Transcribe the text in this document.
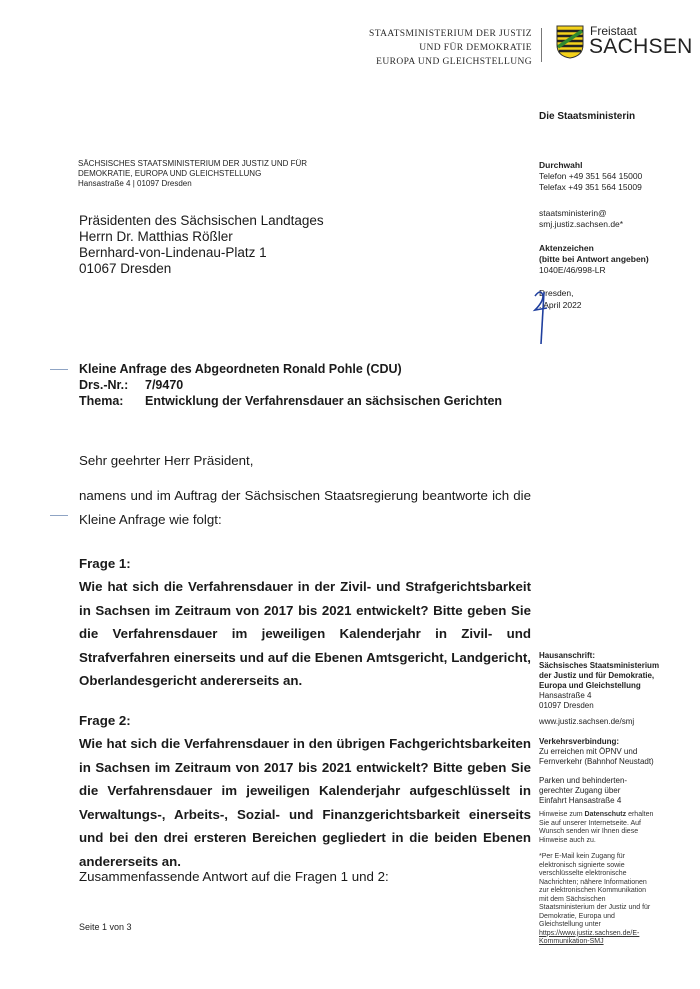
STAATSMINISTERIUM DER JUSTIZ
UND FÜR DEMOKRATIE
EUROPA UND GLEICHSTELLUNG
Freistaat
SACHSEN
Die Staatsministerin
SÄCHSISCHES STAATSMINISTERIUM DER JUSTIZ UND FÜR
DEMOKRATIE, EUROPA UND GLEICHSTELLUNG
Hansastraße 4 | 01097 Dresden
Präsidenten des Sächsischen Landtages
Herrn Dr. Matthias Rößler
Bernhard-von-Lindenau-Platz 1
01067 Dresden
Durchwahl
Telefon +49 351 564 15000
Telefax +49 351 564 15009
staatsministerin@
smj.justiz.sachsen.de*
Aktenzeichen
(bitte bei Antwort angeben)
1040E/46/998-LR
Dresden,
. April 2022
Kleine Anfrage des Abgeordneten Ronald Pohle (CDU)
Drs.-Nr.:	7/9470
Thema:	Entwicklung der Verfahrensdauer an sächsischen Gerichten
Sehr geehrter Herr Präsident,
namens und im Auftrag der Sächsischen Staatsregierung beantworte ich die Kleine Anfrage wie folgt:
Frage 1:
Wie hat sich die Verfahrensdauer in der Zivil- und Strafgerichtsbarkeit in Sachsen im Zeitraum von 2017 bis 2021 entwickelt? Bitte geben Sie die Verfahrensdauer im jeweiligen Kalenderjahr in Zivil- und Strafverfahren einerseits und auf die Ebenen Amtsgericht, Landgericht, Oberlandesgericht andererseits an.
Frage 2:
Wie hat sich die Verfahrensdauer in den übrigen Fachgerichtsbarkeiten in Sachsen im Zeitraum von 2017 bis 2021 entwickelt? Bitte geben Sie die Verfahrensdauer im jeweiligen Kalenderjahr aufgeschlüsselt in Verwaltungs-, Arbeits-, Sozial- und Finanzgerichtsbarkeit einerseits und bei den drei ersteren Bereichen gegliedert in die beiden Ebenen andererseits an.
Zusammenfassende Antwort auf die Fragen 1 und 2:
Hausanschrift:
Sächsisches Staatsministerium
der Justiz und für Demokratie,
Europa und Gleichstellung
Hansastraße 4
01097 Dresden
www.justiz.sachsen.de/smj
Verkehrsverbindung:
Zu erreichen mit ÖPNV und
Fernverkehr (Bahnhof Neustadt)
Parken und behinderten-
gerechter Zugang über
Einfahrt Hansastraße 4
Hinweise zum Datenschutz erhalten Sie auf unserer Internetseite. Auf Wunsch senden wir Ihnen diese Hinweise auch zu.
*Per E-Mail kein Zugang für elektronisch signierte sowie verschlüsselte elektronische Nachrichten; nähere Informationen zur elektronischen Kommunikation mit dem Sächsischen Staatsministerium der Justiz und für Demokratie, Europa und Gleichstellung unter https://www.justiz.sachsen.de/E-Kommunikation-SMJ
Seite 1 von 3
